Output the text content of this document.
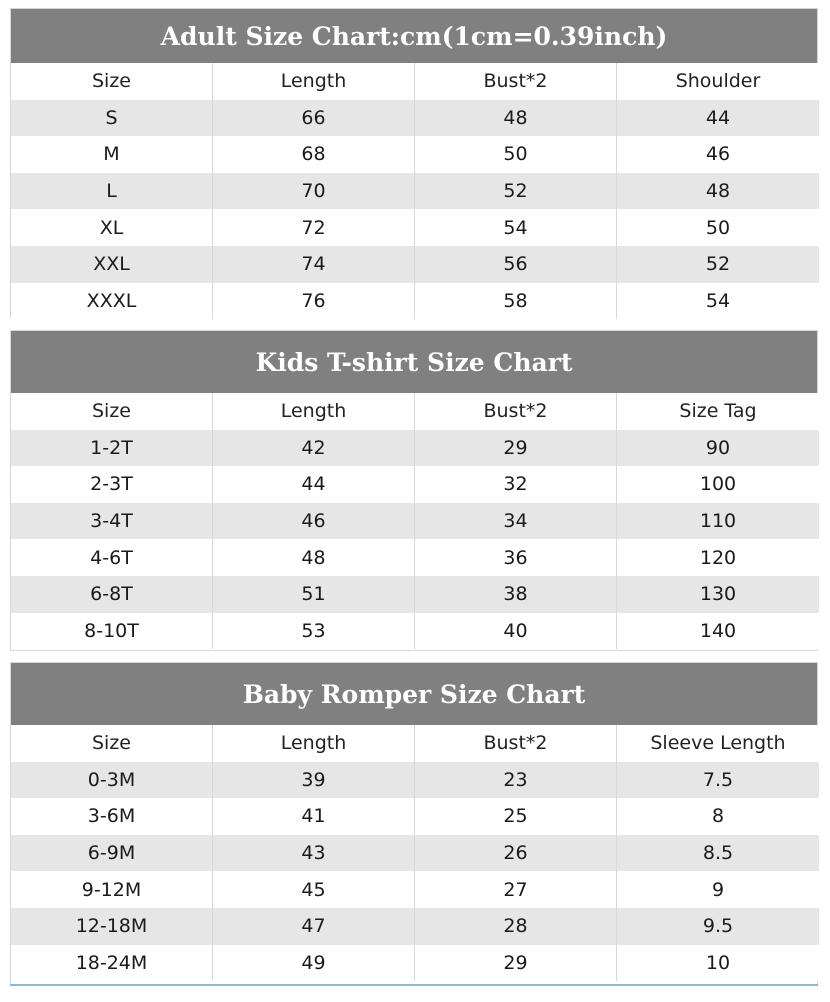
Adult Size Chart:cm(1cm=0.39inch)
Size	Length	Bust*2	Shoulder
S	66	48	44
M	68	50	46
L	70	52	48
XL	72	54	50
XXL	74	56	52
XXXL	76	58	54
Kids T-shirt Size Chart
Size	Length	Bust*2	Size Tag
1-2T	42	29	90
2-3T	44	32	100
3-4T	46	34	110
4-6T	48	36	120
6-8T	51	38	130
8-10T	53	40	140
Baby Romper Size Chart
Size	Length	Bust*2	Sleeve Length
0-3M	39	23	7.5
3-6M	41	25	8
6-9M	43	26	8.5
9-12M	45	27	9
12-18M	47	28	9.5
18-24M	49	29	10
